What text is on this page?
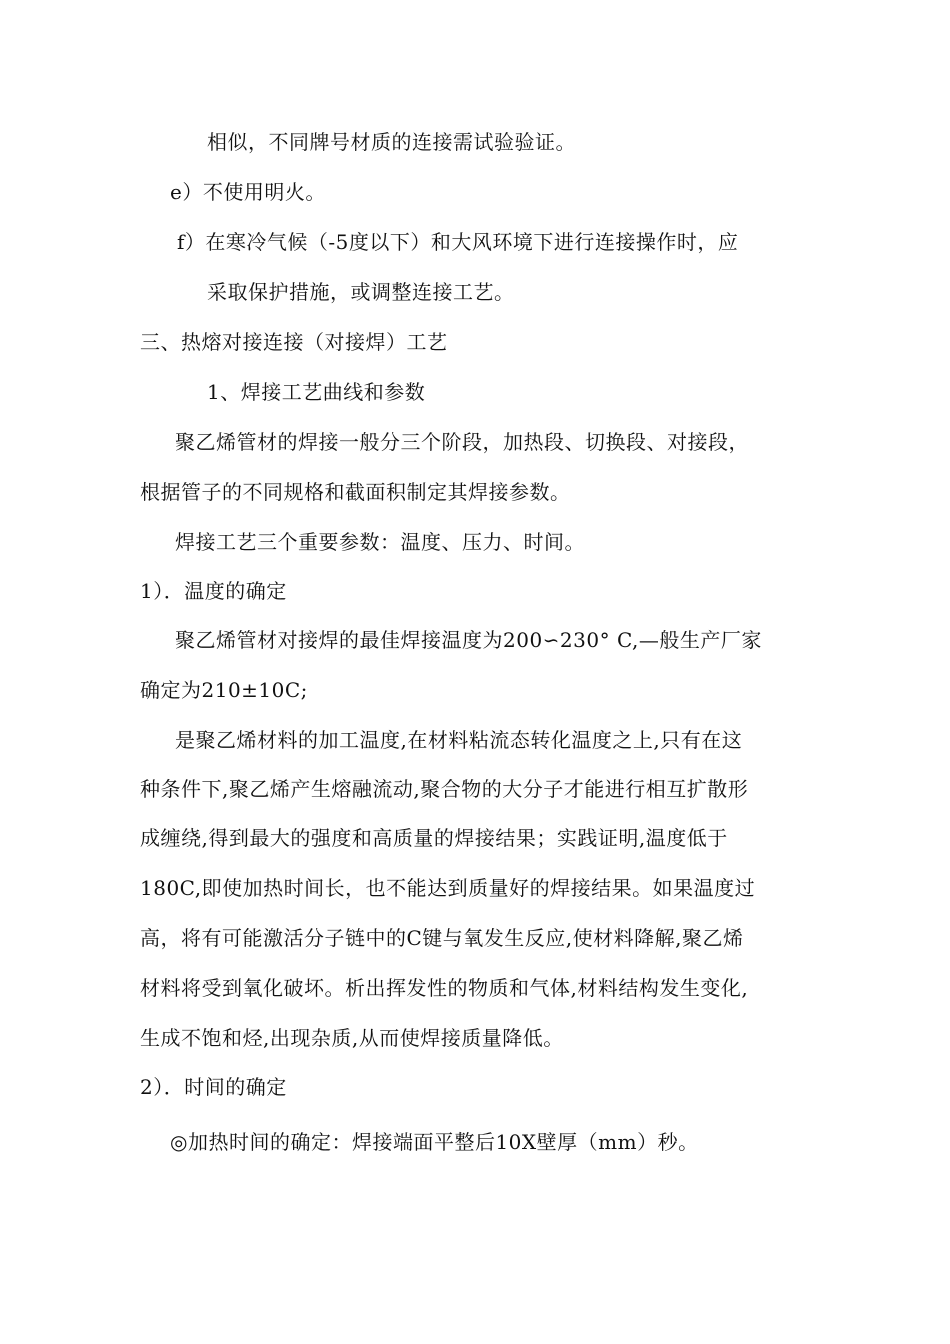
相似，不同牌号材质的连接需试验验证。
e）不使用明火。
f）在寒冷气候（-5度以下）和大风环境下进行连接操作时，应
采取保护措施，或调整连接工艺。
三、热熔对接连接（对接焊）工艺
1、焊接工艺曲线和参数
聚乙烯管材的焊接一般分三个阶段，加热段、切换段、对接段，
根据管子的不同规格和截面积制定其焊接参数。
焊接工艺三个重要参数：温度、压力、时间。
1）．温度的确定
聚乙烯管材对接焊的最佳焊接温度为200∽230° C,—般生产厂家
确定为210±10C;
是聚乙烯材料的加工温度,在材料粘流态转化温度之上,只有在这
种条件下,聚乙烯产生熔融流动,聚合物的大分子才能进行相互扩散形
成缠绕,得到最大的强度和高质量的焊接结果；实践证明,温度低于
180C,即使加热时间长，也不能达到质量好的焊接结果。如果温度过
高，将有可能激活分子链中的C键与氧发生反应,使材料降解,聚乙烯
材料将受到氧化破坏。析出挥发性的物质和气体,材料结构发生变化,
生成不饱和烃,出现杂质,从而使焊接质量降低。
2）．时间的确定
◎加热时间的确定：焊接端面平整后10X壁厚（mm）秒。
